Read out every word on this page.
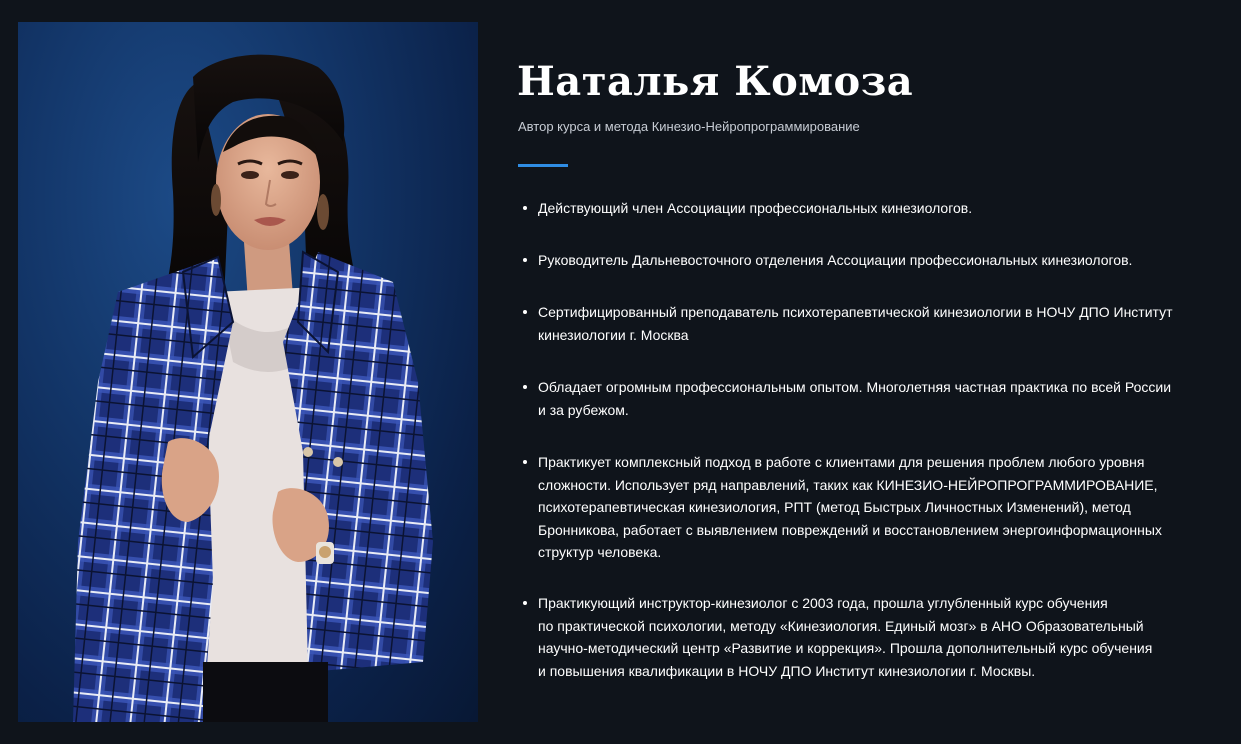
Наталья Комоза
Автор курса и метода Кинезио-Нейропрограммирование
Действующий член Ассоциации профессиональных кинезиологов.
Руководитель Дальневосточного отделения Ассоциации профессиональных кинезиологов.
Сертифицированный преподаватель психотерапевтической кинезиологии в НОЧУ ДПО Институт
кинезиологии г. Москва
Обладает огромным профессиональным опытом. Многолетняя частная практика по всей России
и за рубежом.
Практикует комплексный подход в работе с клиентами для решения проблем любого уровня
сложности. Использует ряд направлений, таких как КИНЕЗИО-НЕЙРОПРОГРАММИРОВАНИЕ,
психотерапевтическая кинезиология, РПТ (метод Быстрых Личностных Изменений), метод
Бронникова, работает с выявлением повреждений и восстановлением энергоинформационных
структур человека.
Практикующий инструктор-кинезиолог с 2003 года, прошла углубленный курс обучения
по практической психологии, методу «Кинезиология. Единый мозг» в АНО Образовательный
научно-методический центр «Развитие и коррекция». Прошла дополнительный курс обучения
и повышения квалификации в НОЧУ ДПО Институт кинезиологии г. Москвы.
